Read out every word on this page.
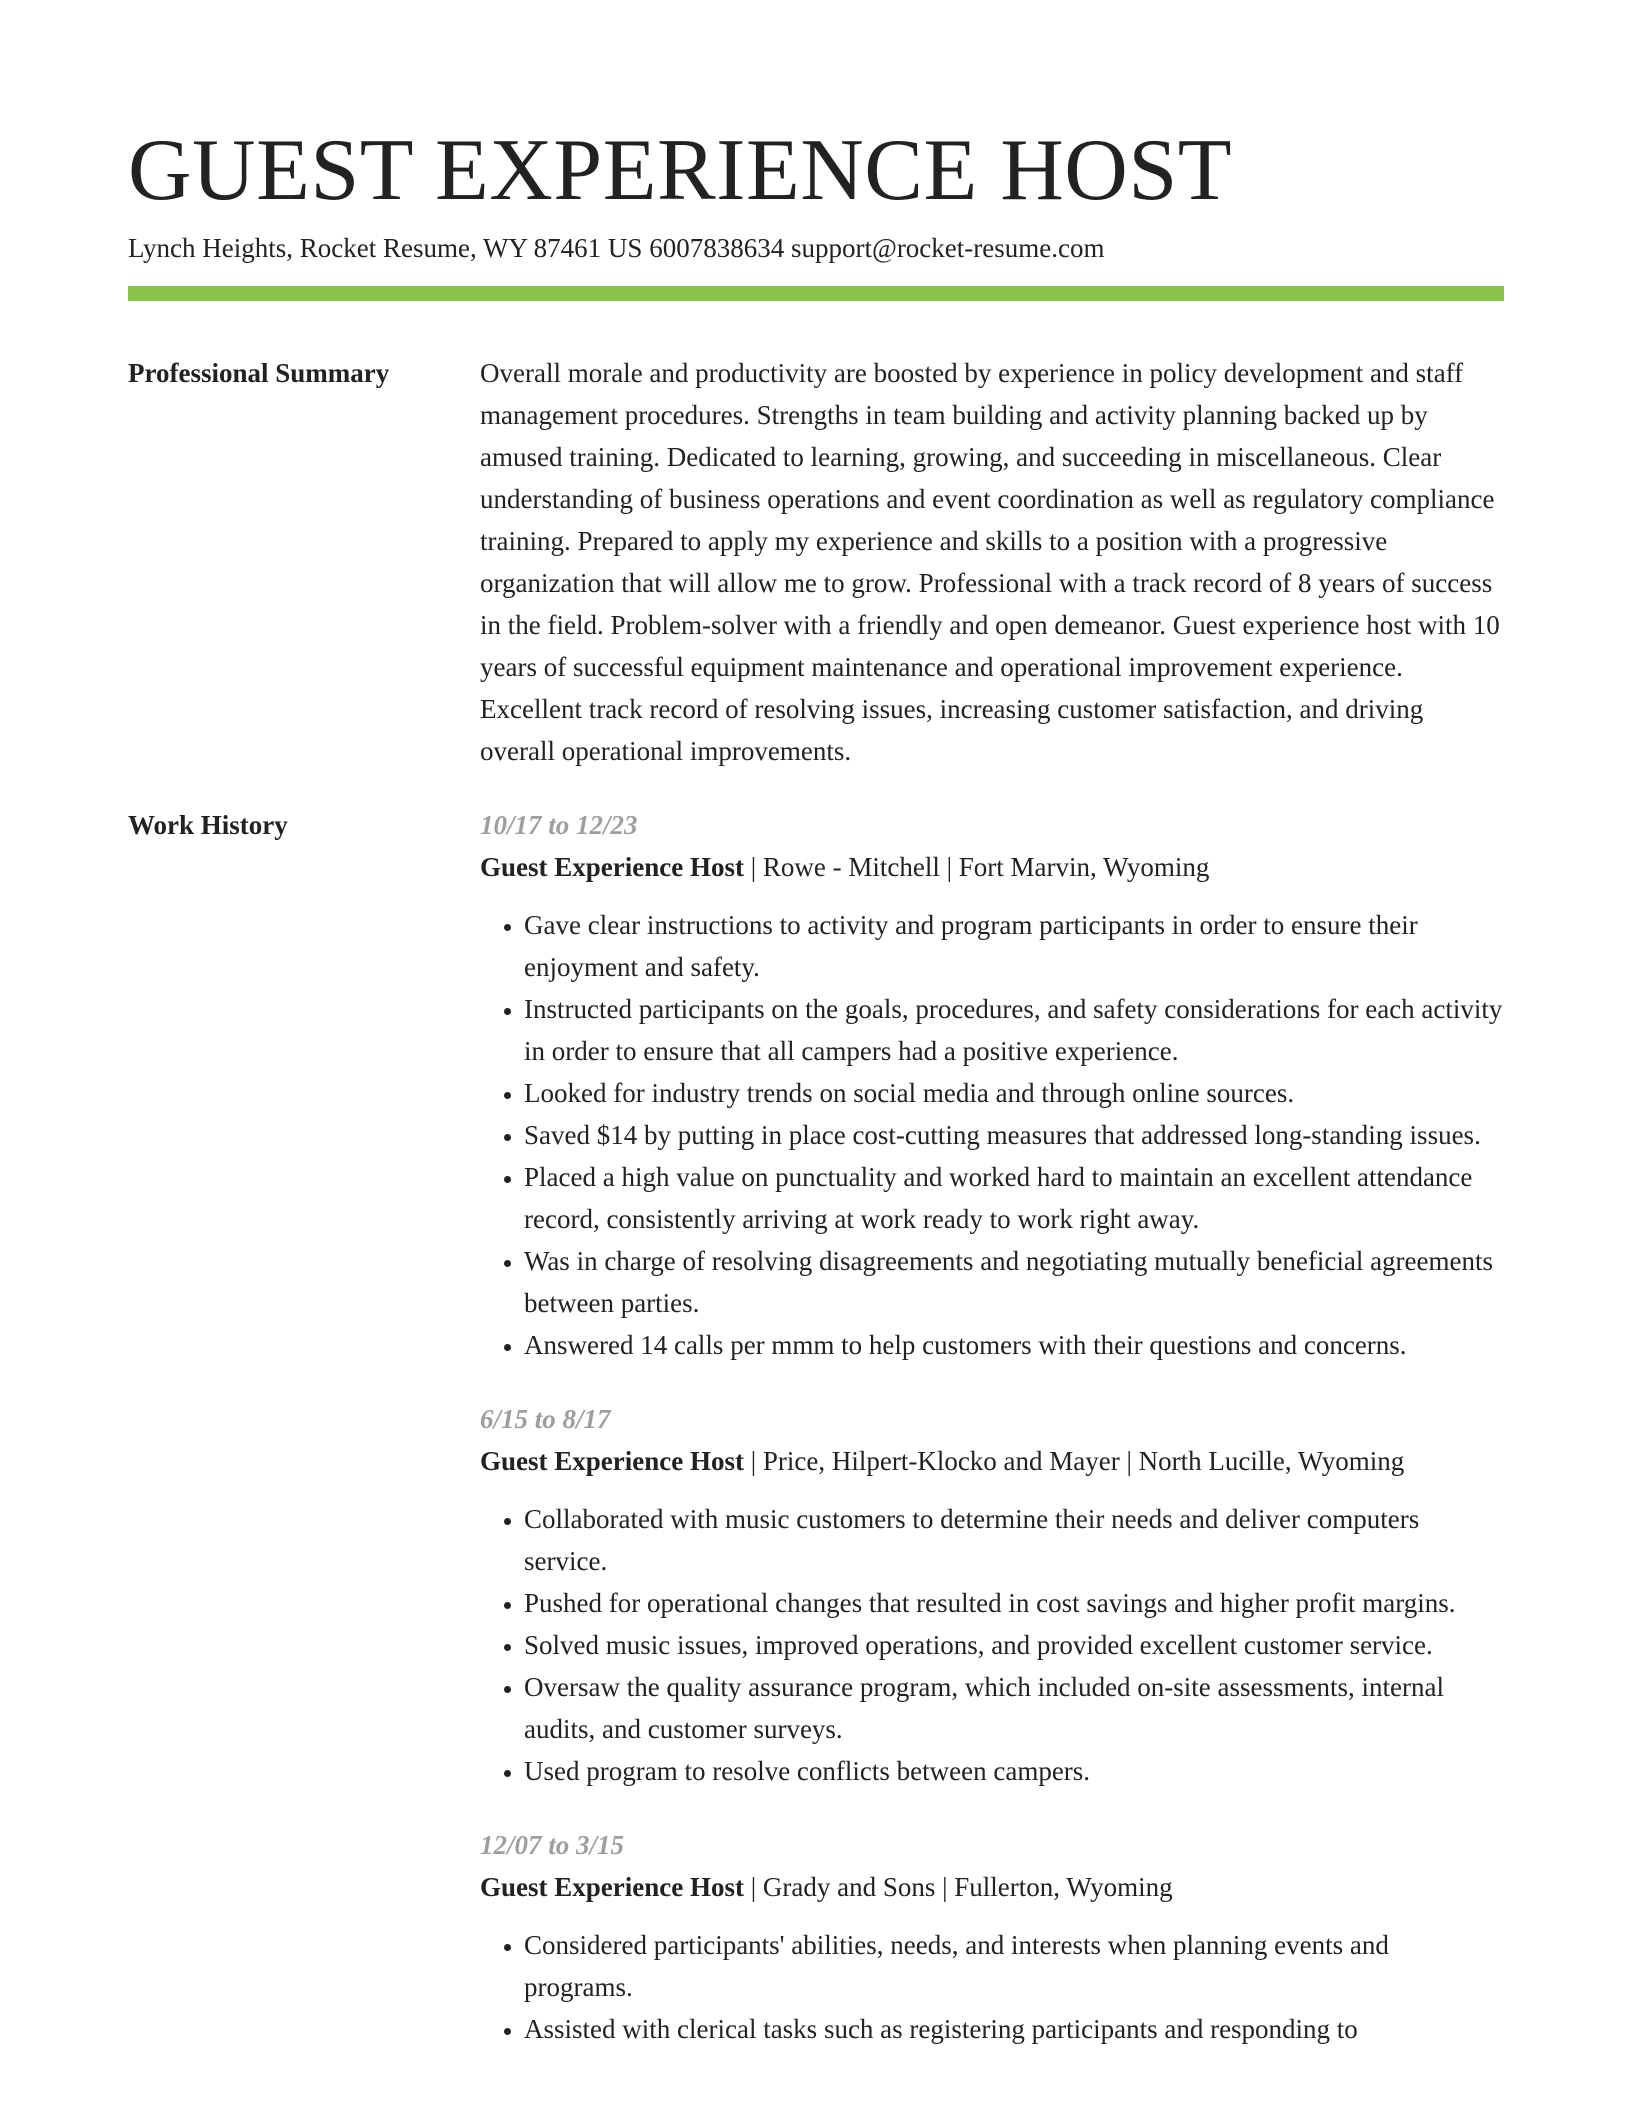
GUEST EXPERIENCE HOST
Lynch Heights, Rocket Resume, WY 87461 US 6007838634 support@rocket-resume.com
Professional Summary	Overall morale and productivity are boosted by experience in policy development and staff management procedures. Strengths in team building and activity planning backed up by amused training. Dedicated to learning, growing, and succeeding in miscellaneous. Clear understanding of business operations and event coordination as well as regulatory compliance training. Prepared to apply my experience and skills to a position with a progressive organization that will allow me to grow. Professional with a track record of 8 years of success in the field. Problem-solver with a friendly and open demeanor. Guest experience host with 10 years of successful equipment maintenance and operational improvement experience. Excellent track record of resolving issues, increasing customer satisfaction, and driving overall operational improvements.

Work History	10/17 to 12/23
Guest Experience Host | Rowe - Mitchell | Fort Marvin, Wyoming
• Gave clear instructions to activity and program participants in order to ensure their enjoyment and safety.
• Instructed participants on the goals, procedures, and safety considerations for each activity in order to ensure that all campers had a positive experience.
• Looked for industry trends on social media and through online sources.
• Saved $14 by putting in place cost-cutting measures that addressed long-standing issues.
• Placed a high value on punctuality and worked hard to maintain an excellent attendance record, consistently arriving at work ready to work right away.
• Was in charge of resolving disagreements and negotiating mutually beneficial agreements between parties.
• Answered 14 calls per mmm to help customers with their questions and concerns.
6/15 to 8/17
Guest Experience Host | Price, Hilpert-Klocko and Mayer | North Lucille, Wyoming
• Collaborated with music customers to determine their needs and deliver computers service.
• Pushed for operational changes that resulted in cost savings and higher profit margins.
• Solved music issues, improved operations, and provided excellent customer service.
• Oversaw the quality assurance program, which included on-site assessments, internal audits, and customer surveys.
• Used program to resolve conflicts between campers.
12/07 to 3/15
Guest Experience Host | Grady and Sons | Fullerton, Wyoming
• Considered participants' abilities, needs, and interests when planning events and programs.
• Assisted with clerical tasks such as registering participants and responding to
